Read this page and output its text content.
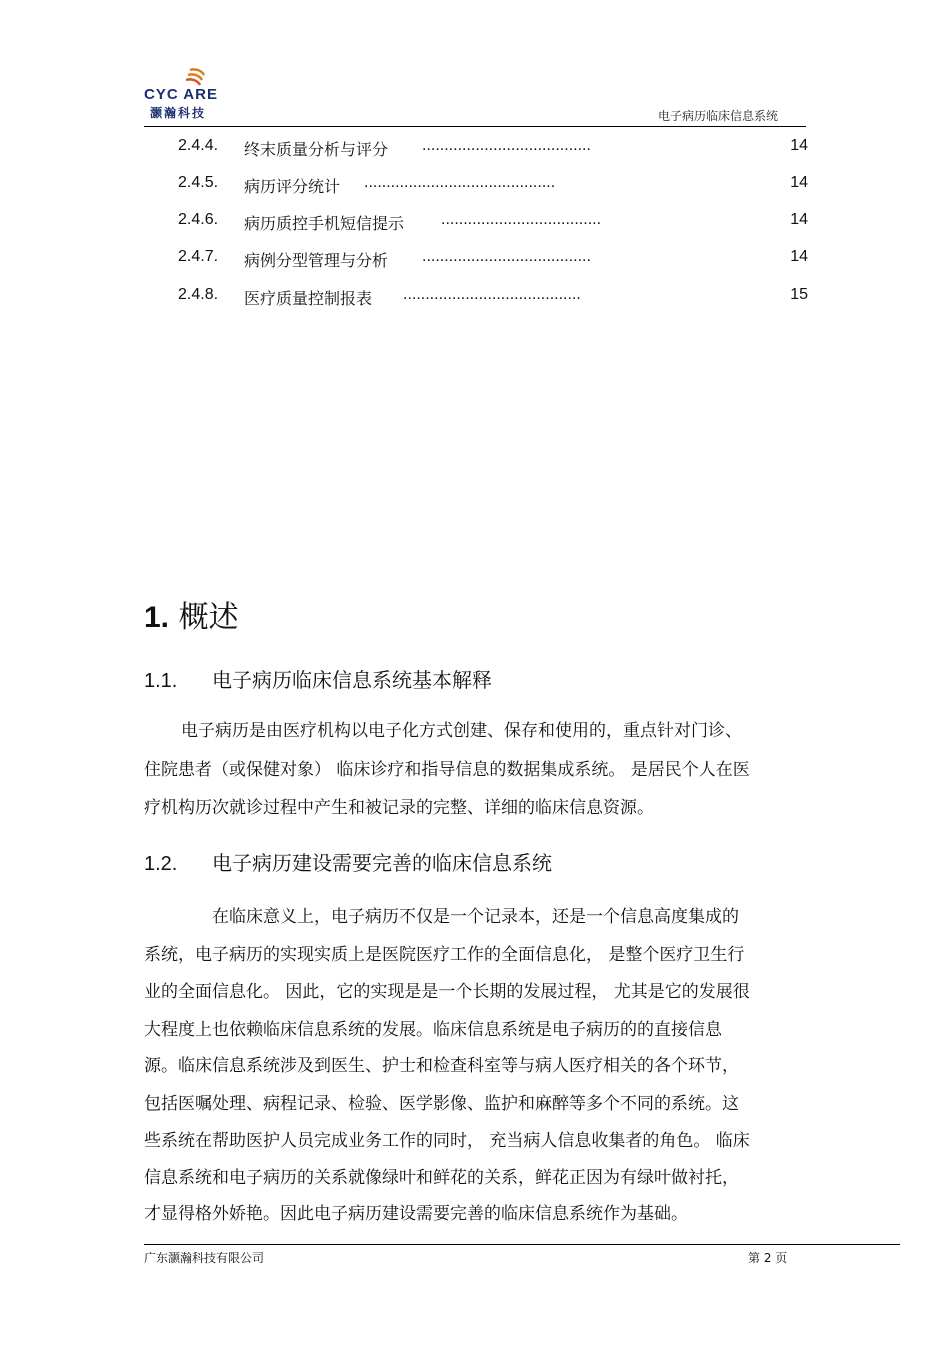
CYC ARE
灏瀚科技	电子病历临床信息系统
2.4.4. 终末质量分析与评分 ......................................	14
2.4.5. 病历评分统计 ...........................................	14
2.4.6. 病历质控手机短信提示 ....................................	14
2.4.7. 病例分型管理与分析 ......................................	14
2.4.8. 医疗质量控制报表 ........................................	15
1. 概述
1.1. 电子病历临床信息系统基本解释
电子病历是由医疗机构以电子化方式创建、保存和使用的，重点针对门诊、
住院患者（或保健对象） 临床诊疗和指导信息的数据集成系统。 是居民个人在医
疗机构历次就诊过程中产生和被记录的完整、详细的临床信息资源。
1.2. 电子病历建设需要完善的临床信息系统
在临床意义上，电子病历不仅是一个记录本，还是一个信息高度集成的
系统，电子病历的实现实质上是医院医疗工作的全面信息化， 是整个医疗卫生行
业的全面信息化。 因此，它的实现是是一个长期的发展过程， 尤其是它的发展很
大程度上也依赖临床信息系统的发展。临床信息系统是电子病历的的直接信息
源。临床信息系统涉及到医生、护士和检查科室等与病人医疗相关的各个环节，
包括医嘱处理、病程记录、检验、医学影像、监护和麻醉等多个不同的系统。这
些系统在帮助医护人员完成业务工作的同时， 充当病人信息收集者的角色。 临床
信息系统和电子病历的关系就像绿叶和鲜花的关系，鲜花正因为有绿叶做衬托，
才显得格外娇艳。因此电子病历建设需要完善的临床信息系统作为基础。
广东灏瀚科技有限公司	第 2 页
